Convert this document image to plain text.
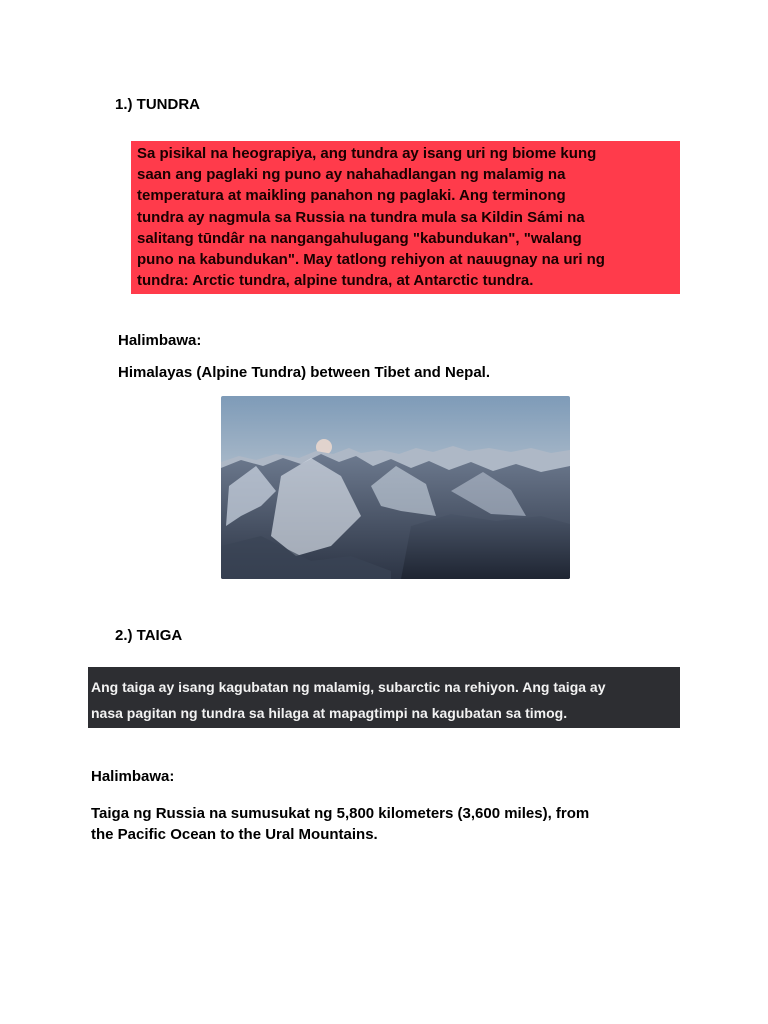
1.) TUNDRA
Sa pisikal na heograpiya, ang tundra ay isang uri ng biome kung
saan ang paglaki ng puno ay nahahadlangan ng malamig na
temperatura at maikling panahon ng paglaki. Ang terminong
tundra ay nagmula sa Russia na tundra mula sa Kildin Sámi na
salitang tūndâr na nangangahulugang "kabundukan", "walang
puno na kabundukan". May tatlong rehiyon at nauugnay na uri ng
tundra: Arctic tundra, alpine tundra, at Antarctic tundra.
Halimbawa:
Himalayas (Alpine Tundra) between Tibet and Nepal.
2.) TAIGA
Ang taiga ay isang kagubatan ng malamig, subarctic na rehiyon. Ang taiga ay
nasa pagitan ng tundra sa hilaga at mapagtimpi na kagubatan sa timog.
Halimbawa:
Taiga ng Russia na sumusukat ng 5,800 kilometers (3,600 miles), from
the Pacific Ocean to the Ural Mountains.
